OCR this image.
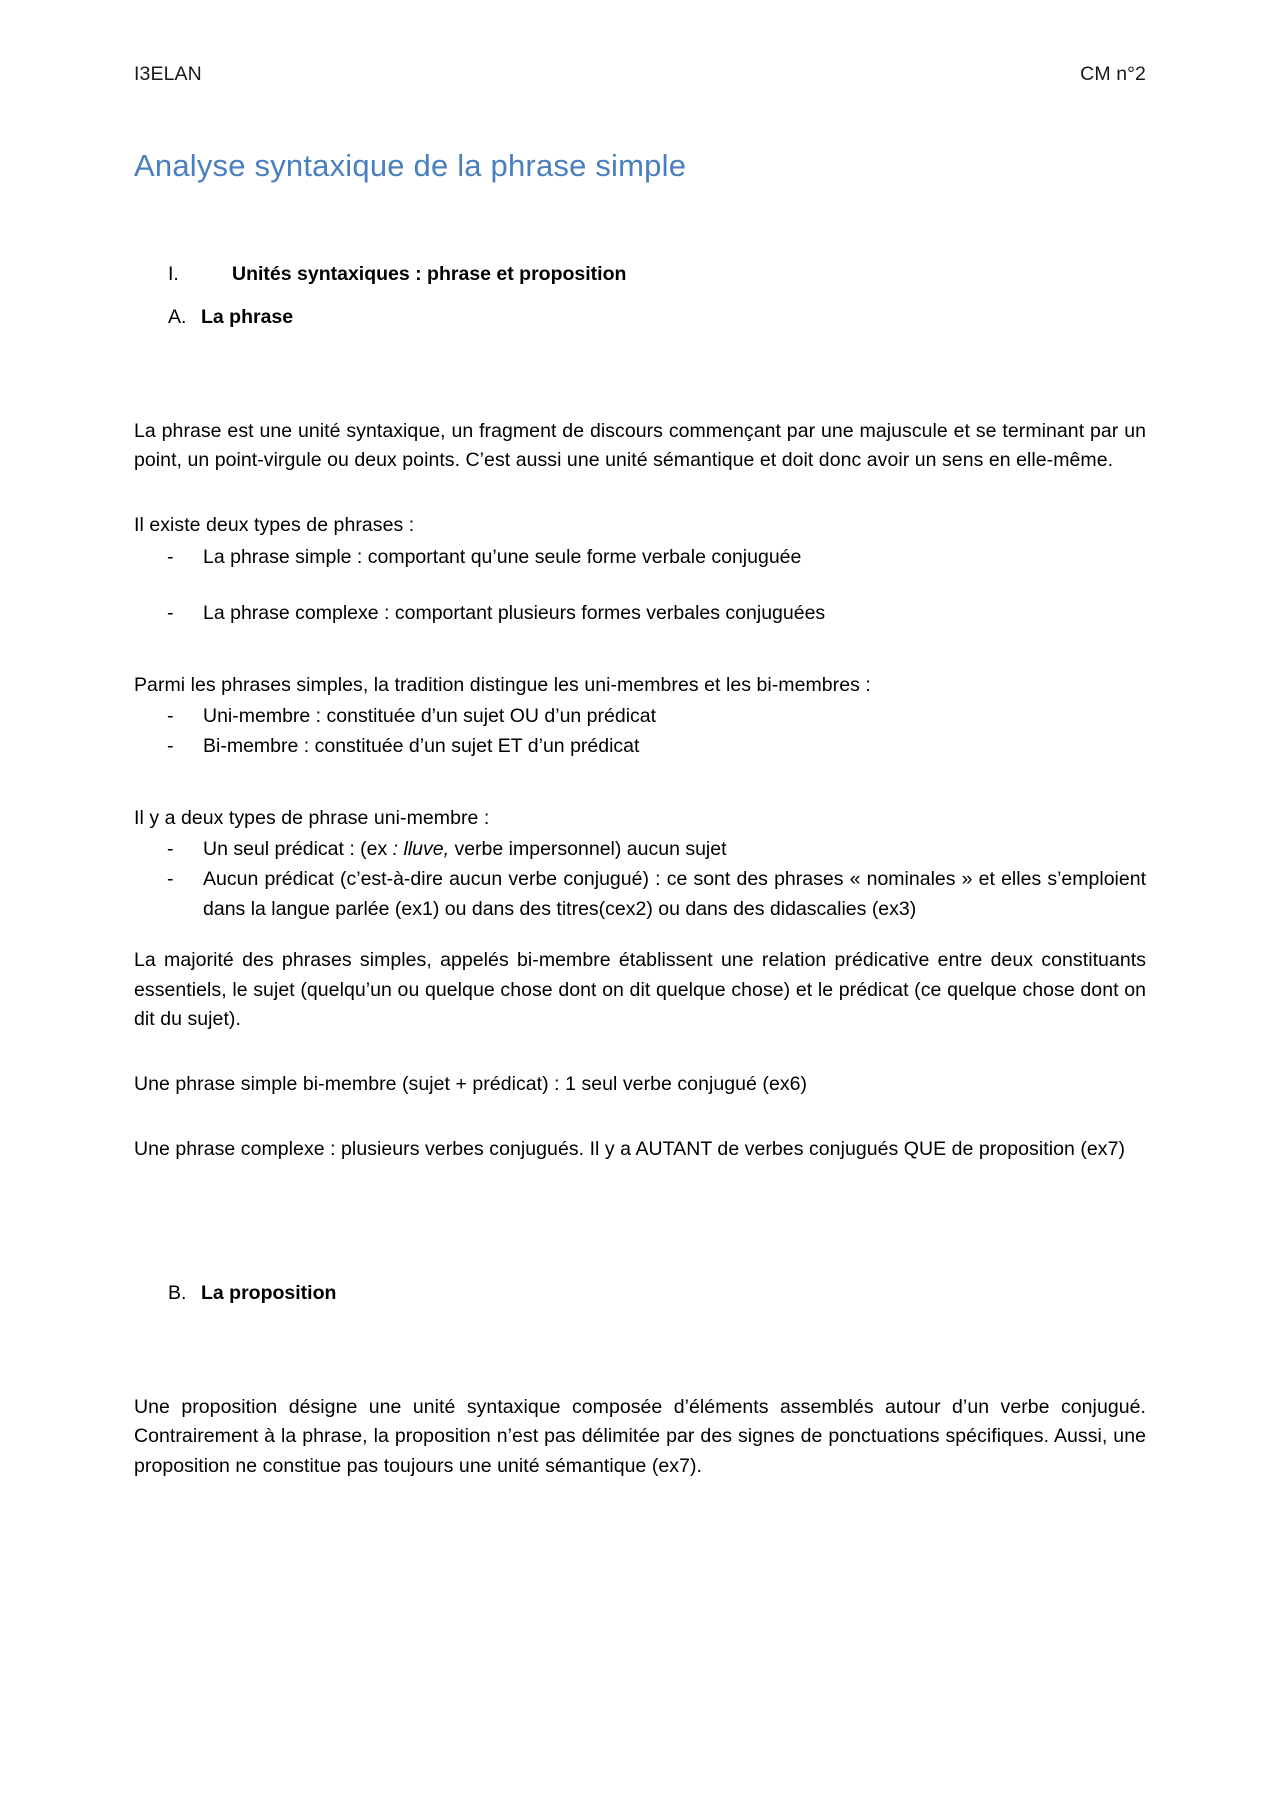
I3ELAN	CM n°2
Analyse syntaxique de la phrase simple
I.	Unités syntaxiques : phrase et proposition
A. La phrase

La phrase est une unité syntaxique, un fragment de discours commençant par une majuscule et se terminant par un point, un point-virgule ou deux points. C’est aussi une unité sémantique et doit donc avoir un sens en elle-même.

Il existe deux types de phrases :

-	La phrase simple : comportant qu’une seule forme verbale conjuguée
-	La phrase complexe : comportant plusieurs formes verbales conjuguées

Parmi les phrases simples, la tradition distingue les uni-membres et les bi-membres :

-	Uni-membre : constituée d’un sujet OU d’un prédicat
-	Bi-membre : constituée d’un sujet ET d’un prédicat

Il y a deux types de phrase uni-membre :

-	Un seul prédicat : (ex : lluve, verbe impersonnel) aucun sujet
-	Aucun prédicat (c’est-à-dire aucun verbe conjugué) : ce sont des phrases « nominales » et elles s’emploient dans la langue parlée (ex1) ou dans des titres(cex2) ou dans des didascalies (ex3)

La majorité des phrases simples, appelés bi-membre établissent une relation prédicative entre deux constituants essentiels, le sujet (quelqu’un ou quelque chose dont on dit quelque chose) et le prédicat (ce quelque chose dont on dit du sujet).

Une phrase simple bi-membre (sujet + prédicat) : 1 seul verbe conjugué (ex6)

Une phrase complexe : plusieurs verbes conjugués. Il y a AUTANT de verbes conjugués QUE de proposition (ex7)

B. La proposition

Une proposition désigne une unité syntaxique composée d’éléments assemblés autour d’un verbe conjugué. Contrairement à la phrase, la proposition n’est pas délimitée par des signes de ponctuations spécifiques. Aussi, une proposition ne constitue pas toujours une unité sémantique (ex7).
